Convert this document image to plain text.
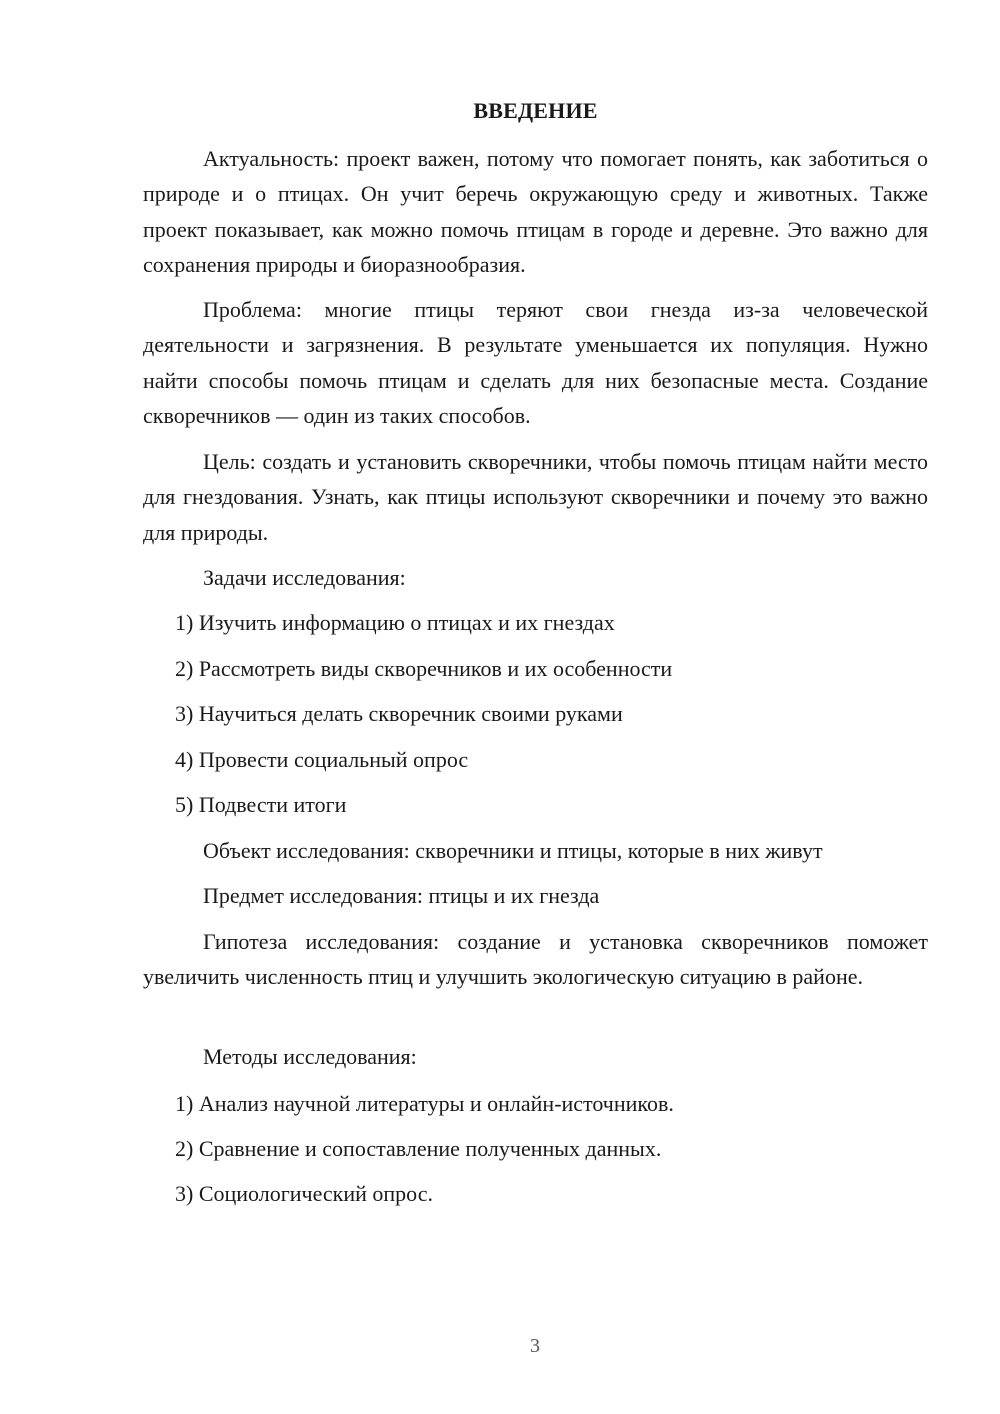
ВВЕДЕНИЕ

Актуальность: проект важен, потому что помогает понять, как заботиться о природе и о птицах. Он учит беречь окружающую среду и животных. Также проект показывает, как можно помочь птицам в городе и деревне. Это важно для сохранения природы и биоразнообразия.

Проблема: многие птицы теряют свои гнезда из-за человеческой деятельности и загрязнения. В результате уменьшается их популяция. Нужно найти способы помочь птицам и сделать для них безопасные места. Создание скворечников — один из таких способов.

Цель: создать и установить скворечники, чтобы помочь птицам найти место для гнездования. Узнать, как птицы используют скворечники и почему это важно для природы.

Задачи исследования:

1) Изучить информацию о птицах и их гнездах

2) Рассмотреть виды скворечников и их особенности

3) Научиться делать скворечник своими руками

4) Провести социальный опрос

5) Подвести итоги

Объект исследования: скворечники и птицы, которые в них живут

Предмет исследования: птицы и их гнезда

Гипотеза исследования: создание и установка скворечников поможет увеличить численность птиц и улучшить экологическую ситуацию в районе.

Методы исследования:

1) Анализ научной литературы и онлайн-источников.

2) Сравнение и сопоставление полученных данных.

3) Социологический опрос.

3
